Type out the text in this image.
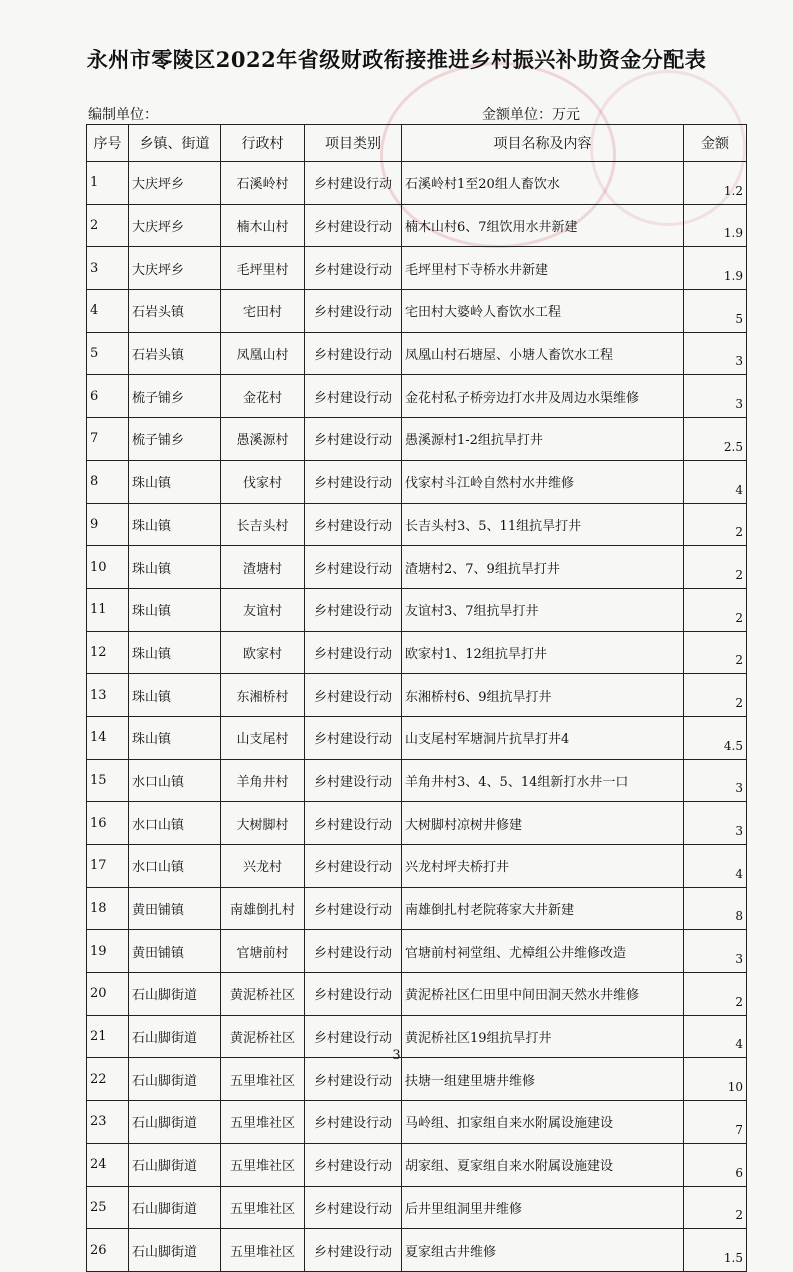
永州市零陵区2022年省级财政衔接推进乡村振兴补助资金分配表
编制单位：	金额单位：万元
序号	乡镇、街道	行政村	项目类别	项目名称及内容	金额
1	大庆坪乡	石溪岭村	乡村建设行动	石溪岭村1至20组人畜饮水	1.2
2	大庆坪乡	楠木山村	乡村建设行动	楠木山村6、7组饮用水井新建	1.9
3	大庆坪乡	毛坪里村	乡村建设行动	毛坪里村下寺桥水井新建	1.9
4	石岩头镇	宅田村	乡村建设行动	宅田村大婆岭人畜饮水工程	5
5	石岩头镇	凤凰山村	乡村建设行动	凤凰山村石塘屋、小塘人畜饮水工程	3
6	梳子铺乡	金花村	乡村建设行动	金花村私子桥旁边打水井及周边水渠维修	3
7	梳子铺乡	愚溪源村	乡村建设行动	愚溪源村1-2组抗旱打井	2.5
8	珠山镇	伐家村	乡村建设行动	伐家村斗江岭自然村水井维修	4
9	珠山镇	长吉头村	乡村建设行动	长吉头村3、5、11组抗旱打井	2
10	珠山镇	渣塘村	乡村建设行动	渣塘村2、7、9组抗旱打井	2
11	珠山镇	友谊村	乡村建设行动	友谊村3、7组抗旱打井	2
12	珠山镇	欧家村	乡村建设行动	欧家村1、12组抗旱打井	2
13	珠山镇	东湘桥村	乡村建设行动	东湘桥村6、9组抗旱打井	2
14	珠山镇	山支尾村	乡村建设行动	山支尾村军塘洞片抗旱打井4	4.5
15	水口山镇	羊角井村	乡村建设行动	羊角井村3、4、5、14组新打水井一口	3
16	水口山镇	大树脚村	乡村建设行动	大树脚村凉树井修建	3
17	水口山镇	兴龙村	乡村建设行动	兴龙村坪夫桥打井	4
18	黄田铺镇	南雄倒扎村	乡村建设行动	南雄倒扎村老院蒋家大井新建	8
19	黄田铺镇	官塘前村	乡村建设行动	官塘前村祠堂组、尤樟组公井维修改造	3
20	石山脚街道	黄泥桥社区	乡村建设行动	黄泥桥社区仁田里中间田洞天然水井维修	2
21	石山脚街道	黄泥桥社区	乡村建设行动	黄泥桥社区19组抗旱打井	4
22	石山脚街道	五里堆社区	乡村建设行动	扶塘一组建里塘井维修	10
23	石山脚街道	五里堆社区	乡村建设行动	马岭组、扣家组自来水附属设施建设	7
24	石山脚街道	五里堆社区	乡村建设行动	胡家组、夏家组自来水附属设施建设	6
25	石山脚街道	五里堆社区	乡村建设行动	后井里组洞里井维修	2
26	石山脚街道	五里堆社区	乡村建设行动	夏家组古井维修	1.5
3
